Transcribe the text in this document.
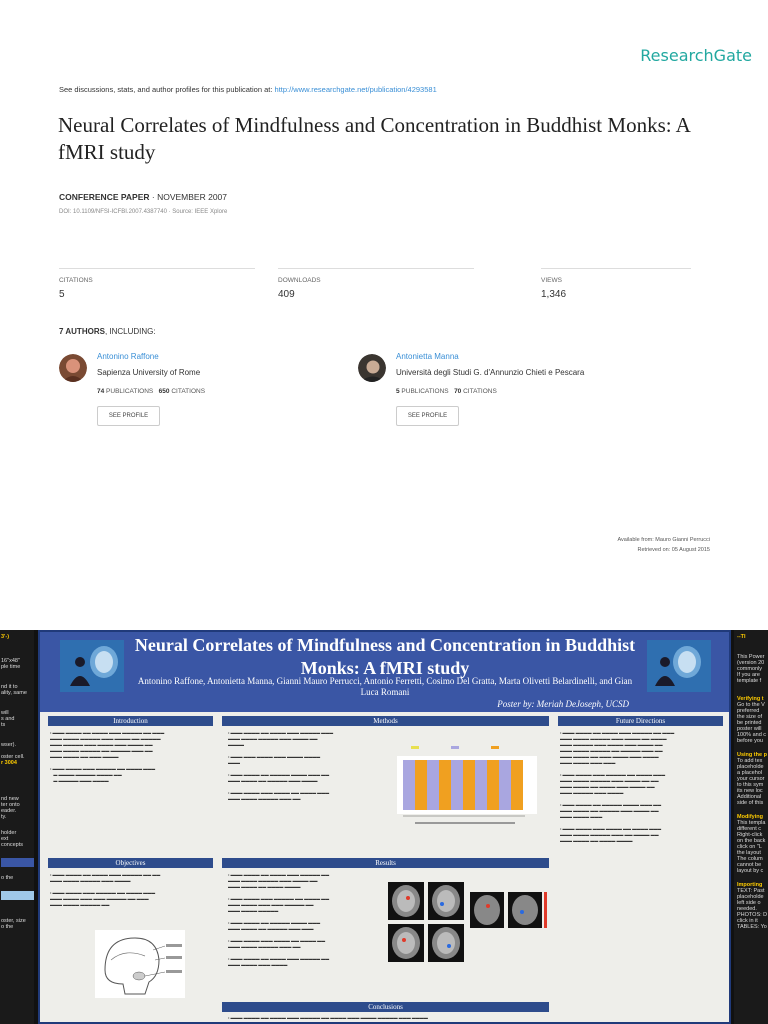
ResearchGate
See discussions, stats, and author profiles for this publication at: http://www.researchgate.net/publication/4293581
Neural Correlates of Mindfulness and Concentration in Buddhist Monks: A fMRI study
CONFERENCE PAPER · NOVEMBER 2007
DOI: 10.1109/NFSI-ICFBI.2007.4387740 · Source: IEEE Xplore
CITATIONS
5
DOWNLOADS
409
VIEWS
1,346
7 AUTHORS, INCLUDING:
Antonino Raffone
Sapienza University of Rome
74 PUBLICATIONS 650 CITATIONS
SEE PROFILE
Antonietta Manna
Università degli Studi G. d'Annunzio Chieti e Pescara
5 PUBLICATIONS 70 CITATIONS
SEE PROFILE
Available from: Mauro Gianni Perrucci
Retrieved on: 05 August 2015
3'-)
16"x48"
ple time
nd it to
ality, same
will
s and
ts
wser).
oster cell.
r 3004
nd new
ter onto
eader.
ty.
holder
ext
concepts
o the
oster, size
o the
Neural Correlates of Mindfulness and Concentration in Buddhist Monks: A fMRI study
Antonino Raffone, Antonietta Manna, Gianni Mauro Perrucci, Antonio Ferretti, Cosimo Del Gratta, Marta Olivetti Belardinelli, and Gian Luca Romani
Poster by: Meriah DeJoseph, UCSD
Introduction
• ▬▬▬ ▬▬▬▬ ▬▬ ▬▬▬▬ ▬▬▬ ▬▬▬▬▬ ▬▬ ▬▬▬
▬▬▬ ▬▬▬▬ ▬▬▬▬▬ ▬▬▬ ▬▬▬▬ ▬▬ ▬▬▬▬▬
▬▬▬ ▬▬▬▬▬ ▬▬▬ ▬▬▬▬ ▬▬▬ ▬▬▬▬ ▬▬
▬▬▬ ▬▬▬▬ ▬▬▬▬▬ ▬▬ ▬▬▬▬▬ ▬▬▬ ▬▬
▬▬▬ ▬▬▬▬ ▬▬ ▬▬▬ ▬▬▬▬

• ▬▬▬ ▬▬▬▬ ▬▬▬ ▬▬▬▬▬ ▬▬ ▬▬▬▬ ▬▬▬
▬ ▬▬▬▬ ▬▬▬▬▬ ▬▬▬▬ ▬▬
▬ ▬▬▬▬▬ ▬▬▬ ▬▬▬▬
Objectives
• ▬▬▬ ▬▬▬▬ ▬▬ ▬▬▬▬ ▬▬▬ ▬▬▬▬▬ ▬▬ ▬▬
▬▬▬ ▬▬▬▬ ▬▬▬▬▬ ▬▬▬ ▬▬▬▬

• ▬▬▬ ▬▬▬▬ ▬▬▬ ▬▬▬▬▬ ▬▬ ▬▬▬▬ ▬▬▬
▬▬▬ ▬▬▬▬ ▬▬▬ ▬▬▬ ▬▬▬▬▬ ▬▬ ▬▬▬
▬▬▬ ▬▬▬▬ ▬▬▬▬▬ ▬▬
Methods
• ▬▬▬ ▬▬▬▬ ▬▬ ▬▬▬▬ ▬▬▬ ▬▬▬▬▬ ▬▬▬
▬▬▬ ▬▬▬▬ ▬▬▬▬▬ ▬▬▬ ▬▬▬▬ ▬▬
▬▬▬▬

• ▬▬▬ ▬▬▬ ▬▬▬▬ ▬▬▬ ▬▬▬▬ ▬▬▬▬
▬▬▬

• ▬▬▬ ▬▬▬▬ ▬▬ ▬▬▬▬▬ ▬▬▬▬ ▬▬▬ ▬▬
▬▬▬ ▬▬▬▬ ▬▬ ▬▬▬▬▬ ▬▬▬ ▬▬▬▬

• ▬▬▬ ▬▬▬▬ ▬▬▬ ▬▬▬▬ ▬▬ ▬▬▬▬ ▬▬▬
▬▬▬ ▬▬▬▬ ▬▬▬▬▬ ▬▬▬ ▬▬
Results
• ▬▬▬ ▬▬▬▬ ▬▬ ▬▬▬▬ ▬▬▬ ▬▬▬▬▬ ▬▬
▬▬▬ ▬▬▬▬ ▬▬▬▬▬ ▬▬▬ ▬▬▬▬ ▬▬
▬▬▬ ▬▬▬▬ ▬▬ ▬▬▬▬ ▬▬▬▬

• ▬▬▬ ▬▬▬▬ ▬▬▬ ▬▬▬▬▬ ▬▬ ▬▬▬▬ ▬▬
▬▬▬ ▬▬▬▬ ▬▬▬ ▬▬▬ ▬▬▬▬▬ ▬▬
▬▬▬ ▬▬▬▬ ▬▬▬▬▬

• ▬▬▬ ▬▬▬▬ ▬▬ ▬▬▬▬▬ ▬▬▬▬ ▬▬▬
▬▬▬ ▬▬▬▬ ▬▬ ▬▬▬▬▬ ▬▬▬ ▬▬▬

• ▬▬▬ ▬▬▬▬ ▬▬▬ ▬▬▬▬ ▬▬ ▬▬▬▬ ▬▬
▬▬▬ ▬▬▬▬ ▬▬▬▬▬ ▬▬▬ ▬▬

• ▬▬▬ ▬▬▬▬ ▬▬ ▬▬▬▬ ▬▬▬ ▬▬▬▬▬ ▬▬
▬▬▬ ▬▬▬▬ ▬▬▬ ▬▬▬▬
Conclusions
• ▬▬▬ ▬▬▬▬ ▬▬ ▬▬▬▬ ▬▬▬ ▬▬▬▬▬ ▬▬ ▬▬▬▬ ▬▬▬ ▬▬▬▬ ▬▬▬▬▬ ▬▬▬ ▬▬▬▬
Future Directions
• ▬▬▬ ▬▬▬▬ ▬▬ ▬▬▬▬ ▬▬▬ ▬▬▬▬▬ ▬▬ ▬▬▬
▬▬▬ ▬▬▬▬ ▬▬▬▬▬ ▬▬▬ ▬▬▬▬ ▬▬ ▬▬▬▬
▬▬▬ ▬▬▬▬▬ ▬▬▬ ▬▬▬▬ ▬▬▬ ▬▬▬▬ ▬▬
▬▬▬ ▬▬▬▬ ▬▬▬▬▬ ▬▬ ▬▬▬▬▬ ▬▬▬ ▬▬
▬▬▬ ▬▬▬▬ ▬▬ ▬▬▬ ▬▬▬▬ ▬▬▬ ▬▬▬▬
▬▬▬ ▬▬▬▬ ▬▬▬ ▬▬▬

• ▬▬▬ ▬▬▬▬ ▬▬▬ ▬▬▬▬▬ ▬▬ ▬▬▬▬ ▬▬▬
▬▬▬ ▬▬▬▬ ▬▬▬▬▬ ▬▬▬ ▬▬▬▬ ▬▬ ▬▬
▬▬▬ ▬▬▬▬ ▬▬ ▬▬▬▬ ▬▬▬ ▬▬▬▬ ▬▬
▬▬▬ ▬▬▬▬▬ ▬▬▬ ▬▬▬▬

• ▬▬▬ ▬▬▬▬ ▬▬ ▬▬▬▬▬ ▬▬▬▬ ▬▬▬ ▬▬
▬▬▬ ▬▬▬▬ ▬▬ ▬▬▬▬▬ ▬▬▬ ▬▬▬▬ ▬▬
▬▬▬ ▬▬▬▬ ▬▬▬

• ▬▬▬ ▬▬▬▬ ▬▬▬ ▬▬▬▬ ▬▬ ▬▬▬▬ ▬▬▬
▬▬▬ ▬▬▬▬ ▬▬▬▬▬ ▬▬▬ ▬▬ ▬▬▬▬ ▬▬
▬▬▬ ▬▬▬▬ ▬▬ ▬▬▬▬ ▬▬▬▬
--TI
This Power
(version 20
commonly
If you are
template f
Verifying t
Go to the V
preferred
the size of
be printed
poster will
100% and c
before you
Using the p
To add tex
placeholde
a placehol
your cursor
to this sym
its new loc
Additional
side of this
Modifying
This templa
different c
Right-click
on the back
click on "L
the layout
The colum
cannot be
layout by c
Importing
TEXT: Past
placeholde
left side o
needed.
PHOTOS: D
click in it
TABLES: Yo
